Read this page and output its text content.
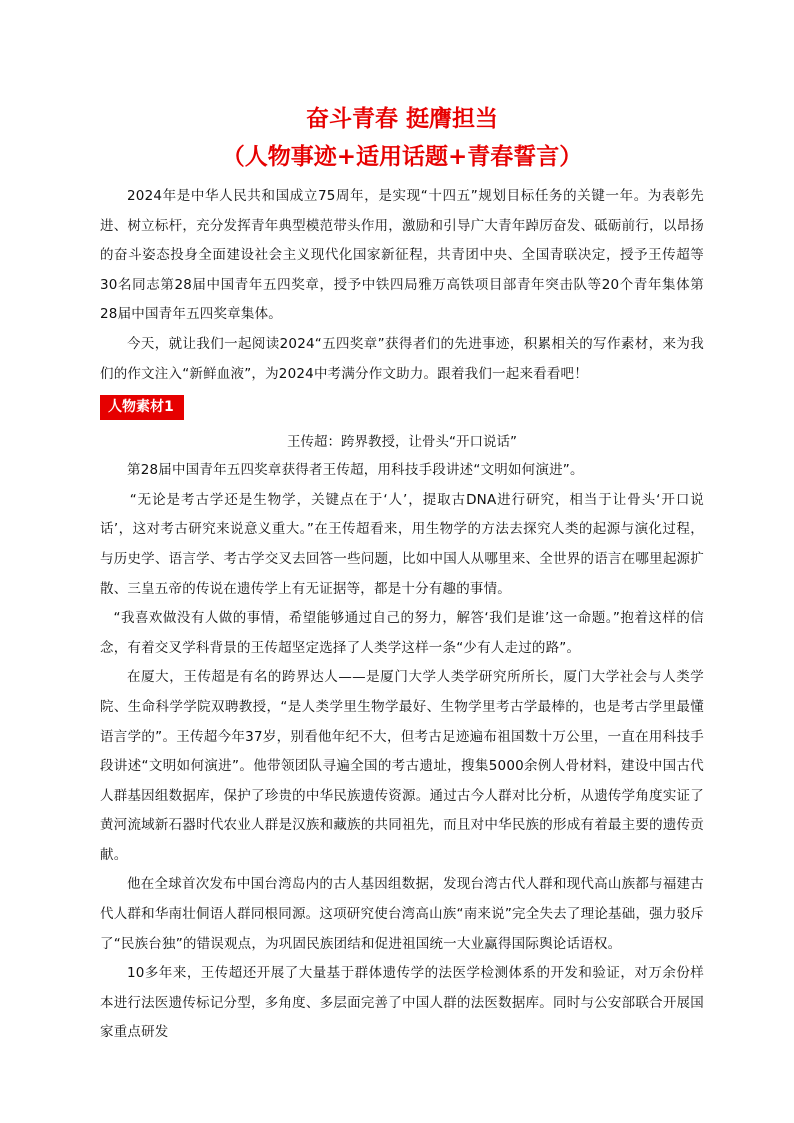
奋斗青春 挺膺担当
（人物事迹+适用话题+青春誓言）

2024年是中华人民共和国成立75周年，是实现“十四五”规划目标任务的关键一年。为表彰先进、树立标杆，充分发挥青年典型模范带头作用，激励和引导广大青年踔厉奋发、砥砺前行，以昂扬的奋斗姿态投身全面建设社会主义现代化国家新征程，共青团中央、全国青联决定，授予王传超等30名同志第28届中国青年五四奖章，授予中铁四局雅万高铁项目部青年突击队等20个青年集体第28届中国青年五四奖章集体。

今天，就让我们一起阅读2024“五四奖章”获得者们的先进事迹，积累相关的写作素材，来为我们的作文注入“新鲜血液”，为2024中考满分作文助力。跟着我们一起来看看吧！

人物素材1

王传超：跨界教授，让骨头“开口说话”

第28届中国青年五四奖章获得者王传超，用科技手段讲述“文明如何演进”。

“无论是考古学还是生物学，关键点在于‘人’，提取古DNA进行研究，相当于让骨头‘开口说话’，这对考古研究来说意义重大。”在王传超看来，用生物学的方法去探究人类的起源与演化过程，与历史学、语言学、考古学交叉去回答一些问题，比如中国人从哪里来、全世界的语言在哪里起源扩散、三皇五帝的传说在遗传学上有无证据等，都是十分有趣的事情。

“我喜欢做没有人做的事情，希望能够通过自己的努力，解答‘我们是谁’这一命题。”抱着这样的信念，有着交叉学科背景的王传超坚定选择了人类学这样一条“少有人走过的路”。

在厦大，王传超是有名的跨界达人——是厦门大学人类学研究所所长，厦门大学社会与人类学院、生命科学学院双聘教授，“是人类学里生物学最好、生物学里考古学最棒的，也是考古学里最懂语言学的”。王传超今年37岁，别看他年纪不大，但考古足迹遍布祖国数十万公里，一直在用科技手段讲述“文明如何演进”。他带领团队寻遍全国的考古遗址，搜集5000余例人骨材料，建设中国古代人群基因组数据库，保护了珍贵的中华民族遗传资源。通过古今人群对比分析，从遗传学角度实证了黄河流域新石器时代农业人群是汉族和藏族的共同祖先，而且对中华民族的形成有着最主要的遗传贡献。

他在全球首次发布中国台湾岛内的古人基因组数据，发现台湾古代人群和现代高山族都与福建古代人群和华南壮侗语人群同根同源。这项研究使台湾高山族“南来说”完全失去了理论基础，强力驳斥了“民族台独”的错误观点，为巩固民族团结和促进祖国统一大业赢得国际舆论话语权。

10多年来，王传超还开展了大量基于群体遗传学的法医学检测体系的开发和验证，对万余份样本进行法医遗传标记分型，多角度、多层面完善了中国人群的法医数据库。同时与公安部联合开展国家重点研发
